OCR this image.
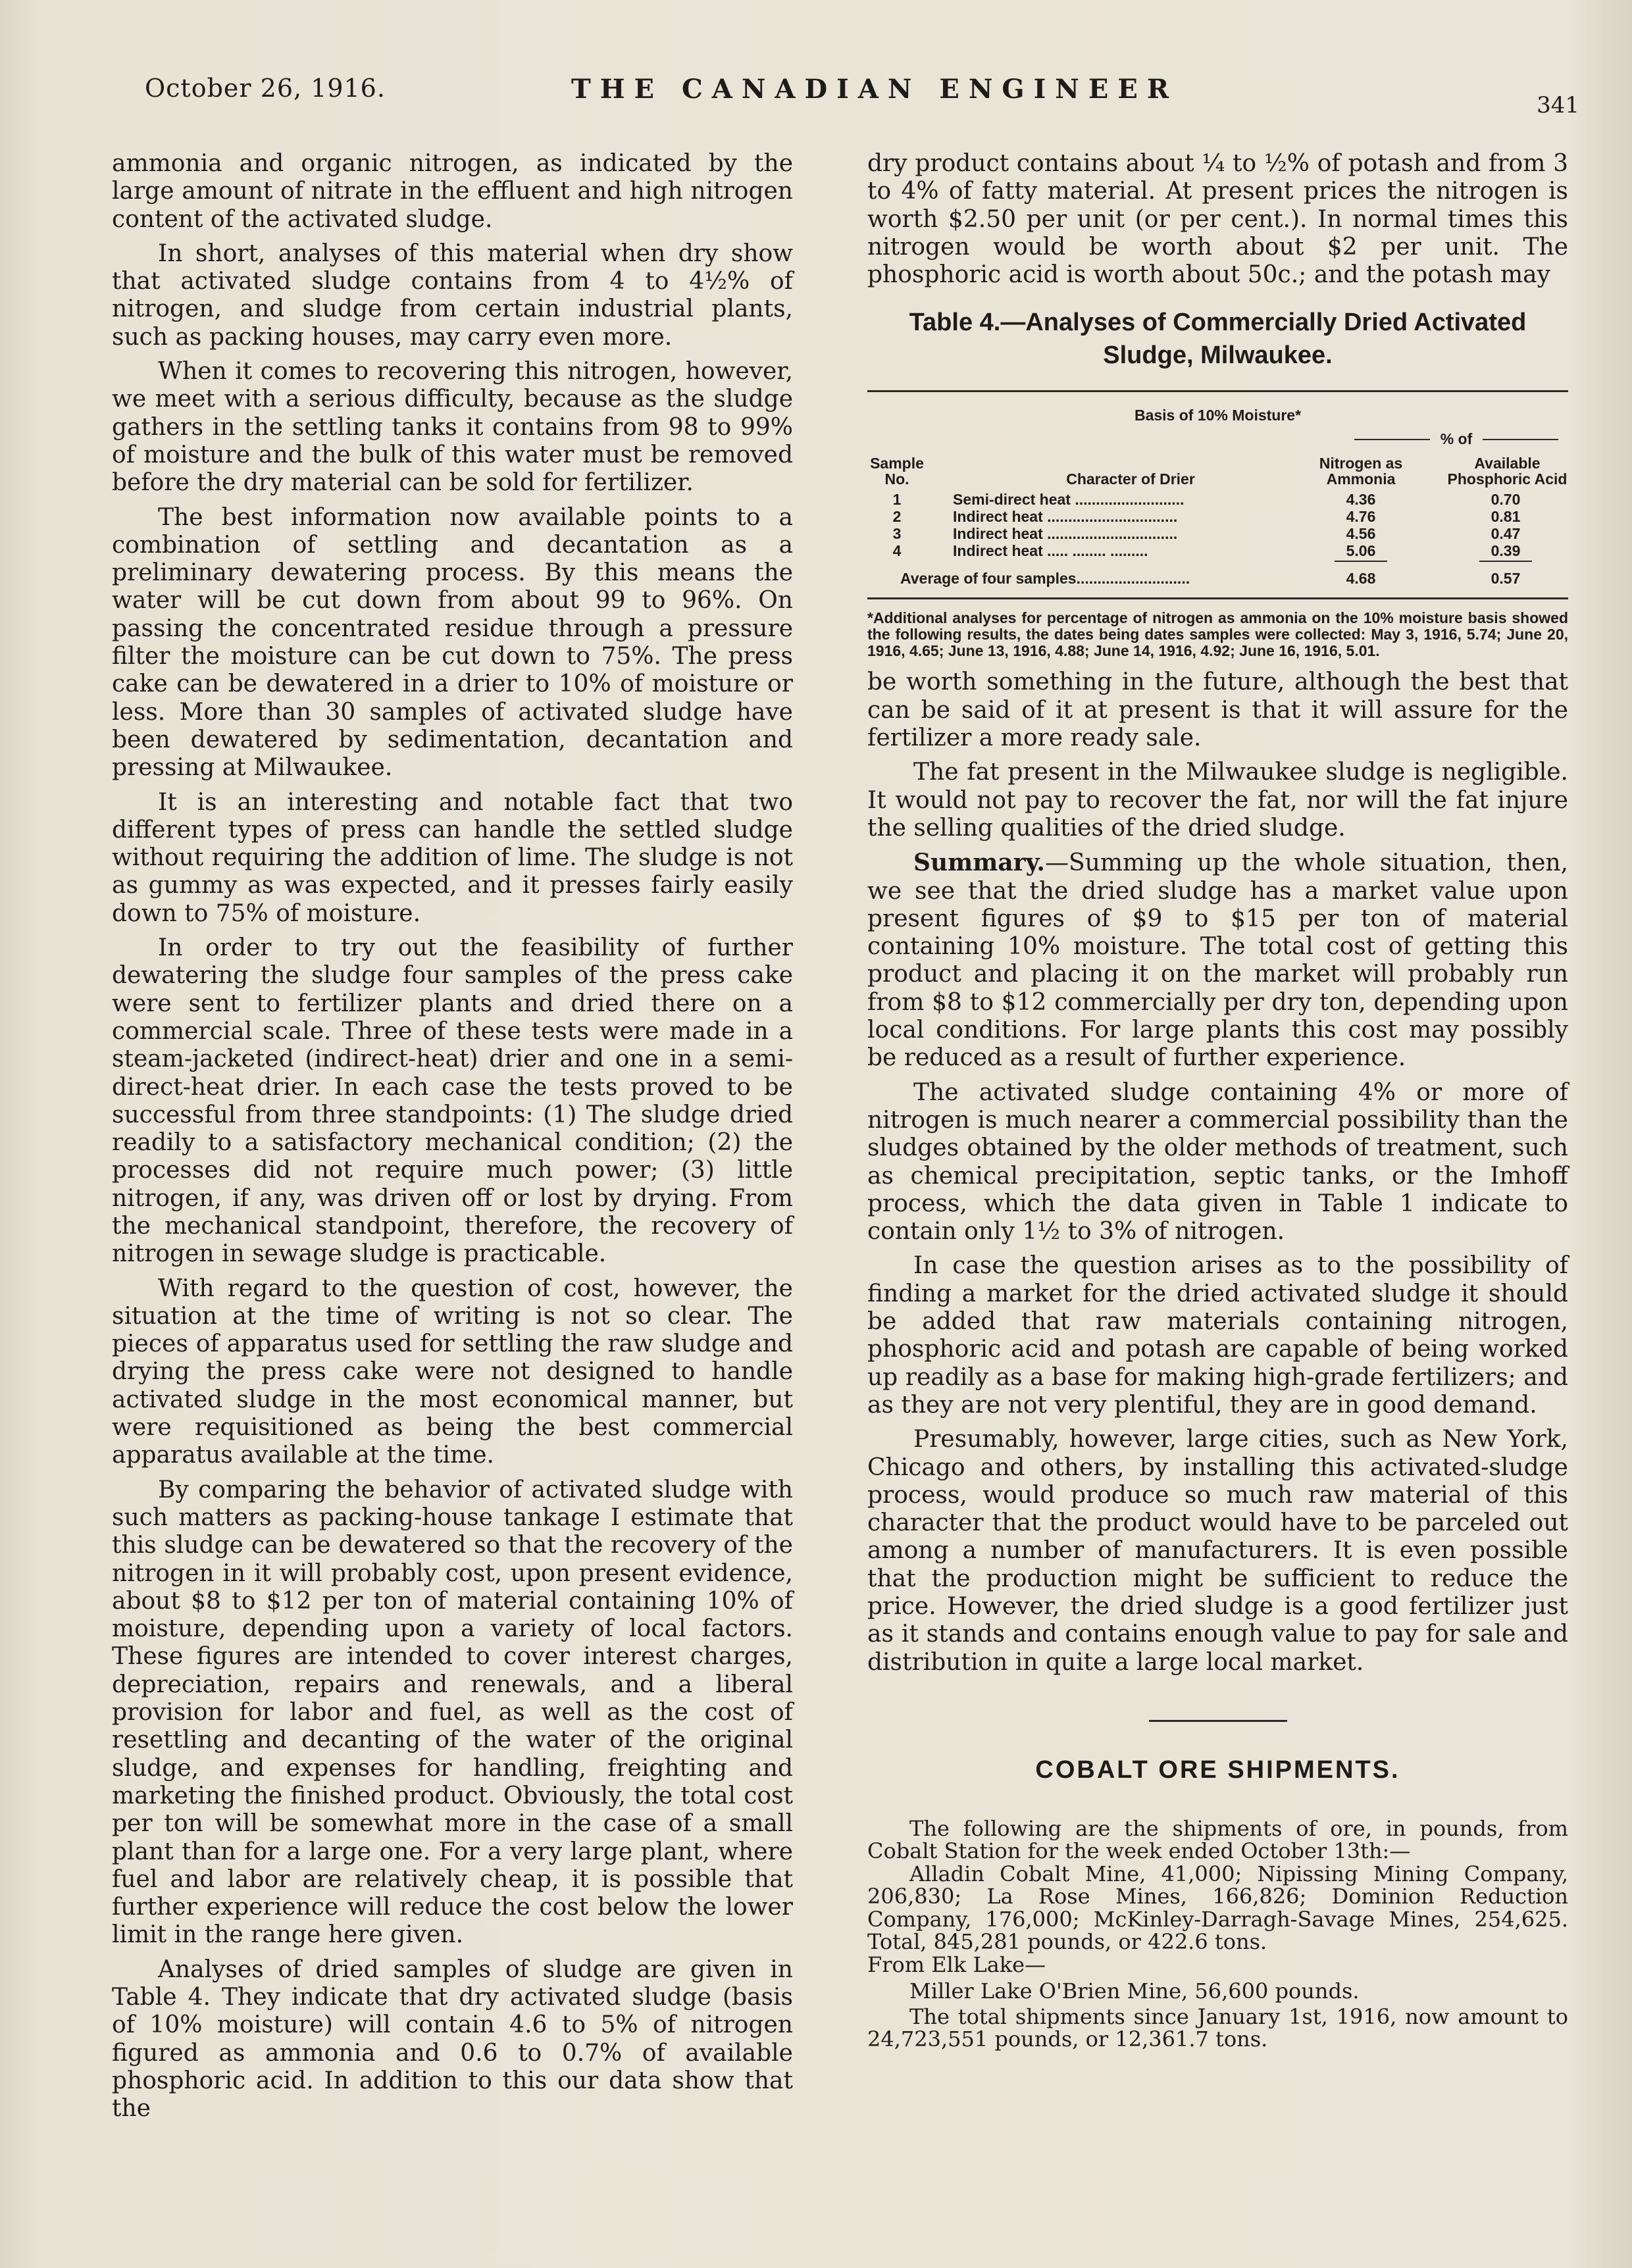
October 26, 1916.	THE CANADIAN ENGINEER
341

ammonia and organic nitrogen, as indicated by the large amount of nitrate in the effluent and high nitrogen content of the activated sludge.

In short, analyses of this material when dry show that activated sludge contains from 4 to 4½% of nitrogen, and sludge from certain industrial plants, such as packing houses, may carry even more.

When it comes to recovering this nitrogen, however, we meet with a serious difficulty, because as the sludge gathers in the settling tanks it contains from 98 to 99% of moisture and the bulk of this water must be removed before the dry material can be sold for fertilizer.

The best information now available points to a combination of settling and decantation as a preliminary dewatering process. By this means the water will be cut down from about 99 to 96%. On passing the concentrated residue through a pressure filter the moisture can be cut down to 75%. The press cake can be dewatered in a drier to 10% of moisture or less. More than 30 samples of activated sludge have been dewatered by sedimentation, decantation and pressing at Milwaukee.

It is an interesting and notable fact that two different types of press can handle the settled sludge without requiring the addition of lime. The sludge is not as gummy as was expected, and it presses fairly easily down to 75% of moisture.

In order to try out the feasibility of further dewatering the sludge four samples of the press cake were sent to fertilizer plants and dried there on a commercial scale. Three of these tests were made in a steam-jacketed (indirect-heat) drier and one in a semi-direct-heat drier. In each case the tests proved to be successful from three standpoints: (1) The sludge dried readily to a satisfactory mechanical condition; (2) the processes did not require much power; (3) little nitrogen, if any, was driven off or lost by drying. From the mechanical standpoint, therefore, the recovery of nitrogen in sewage sludge is practicable.

With regard to the question of cost, however, the situation at the time of writing is not so clear. The pieces of apparatus used for settling the raw sludge and drying the press cake were not designed to handle activated sludge in the most economical manner, but were requisitioned as being the best commercial apparatus available at the time.

By comparing the behavior of activated sludge with such matters as packing-house tankage I estimate that this sludge can be dewatered so that the recovery of the nitrogen in it will probably cost, upon present evidence, about $8 to $12 per ton of material containing 10% of moisture, depending upon a variety of local factors. These figures are intended to cover interest charges, depreciation, repairs and renewals, and a liberal provision for labor and fuel, as well as the cost of resettling and decanting of the water of the original sludge, and expenses for handling, freighting and marketing the finished product. Obviously, the total cost per ton will be somewhat more in the case of a small plant than for a large one. For a very large plant, where fuel and labor are relatively cheap, it is possible that further experience will reduce the cost below the lower limit in the range here given.

Analyses of dried samples of sludge are given in Table 4. They indicate that dry activated sludge (basis of 10% moisture) will contain 4.6 to 5% of nitrogen figured as ammonia and 0.6 to 0.7% of available phosphoric acid. In addition to this our data show that the

dry product contains about ¼ to ½% of potash and from 3 to 4% of fatty material. At present prices the nitrogen is worth $2.50 per unit (or per cent.). In normal times this nitrogen would be worth about $2 per unit. The phosphoric acid is worth about 50c.; and the potash may

Table 4.—Analyses of Commercially Dried Activated Sludge, Milwaukee.
Basis of 10% Moisture*
% of
Sample
No.	Character of Drier
Nitrogen as
Ammonia
Available
Phosphoric Acid
1	Semi-direct heat ..........................	4.36	0.70
2	Indirect heat ...............................	4.76	0.81
3	Indirect heat ...............................	4.56	0.47
4	Indirect heat ..... ........ .........	5.06	0.39
Average of four samples...........................	4.68	0.57
*Additional analyses for percentage of nitrogen as ammonia on the 10% moisture basis showed the following results, the dates being dates samples were collected: May 3, 1916, 5.74; June 20, 1916, 4.65; June 13, 1916, 4.88; June 14, 1916, 4.92; June 16, 1916, 5.01.

be worth something in the future, although the best that can be said of it at present is that it will assure for the fertilizer a more ready sale.

The fat present in the Milwaukee sludge is negligible. It would not pay to recover the fat, nor will the fat injure the selling qualities of the dried sludge.

Summary.—Summing up the whole situation, then, we see that the dried sludge has a market value upon present figures of $9 to $15 per ton of material containing 10% moisture. The total cost of getting this product and placing it on the market will probably run from $8 to $12 commercially per dry ton, depending upon local conditions. For large plants this cost may possibly be reduced as a result of further experience.

The activated sludge containing 4% or more of nitrogen is much nearer a commercial possibility than the sludges obtained by the older methods of treatment, such as chemical precipitation, septic tanks, or the Imhoff process, which the data given in Table 1 indicate to contain only 1½ to 3% of nitrogen.

In case the question arises as to the possibility of finding a market for the dried activated sludge it should be added that raw materials containing nitrogen, phosphoric acid and potash are capable of being worked up readily as a base for making high-grade fertilizers; and as they are not very plentiful, they are in good demand.

Presumably, however, large cities, such as New York, Chicago and others, by installing this activated-sludge process, would produce so much raw material of this character that the product would have to be parceled out among a number of manufacturers. It is even possible that the production might be sufficient to reduce the price. However, the dried sludge is a good fertilizer just as it stands and contains enough value to pay for sale and distribution in quite a large local market.

COBALT ORE SHIPMENTS.

The following are the shipments of ore, in pounds, from Cobalt Station for the week ended October 13th:—

Alladin Cobalt Mine, 41,000; Nipissing Mining Company, 206,830; La Rose Mines, 166,826; Dominion Reduction Company, 176,000; McKinley-Darragh-Savage Mines, 254,625. Total, 845,281 pounds, or 422.6 tons.

From Elk Lake—

Miller Lake O'Brien Mine, 56,600 pounds.

The total shipments since January 1st, 1916, now amount to 24,723,551 pounds, or 12,361.7 tons.
